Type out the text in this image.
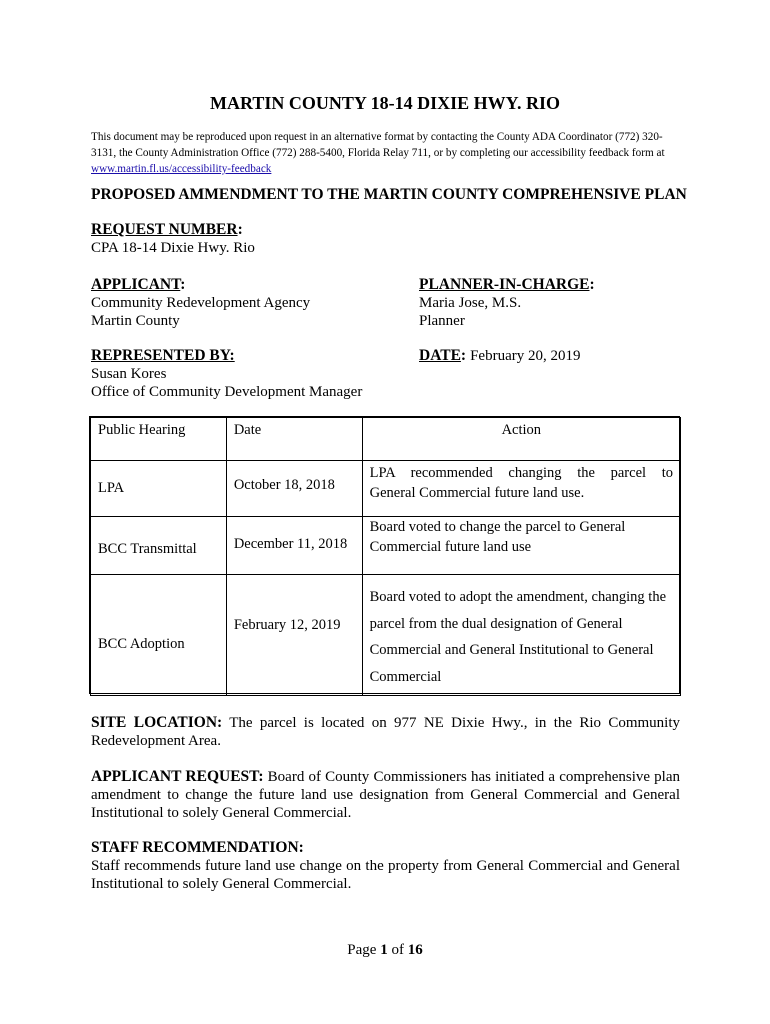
MARTIN COUNTY 18-14 DIXIE HWY. RIO
This document may be reproduced upon request in an alternative format by contacting the County ADA Coordinator (772) 320-3131, the County Administration Office (772) 288-5400, Florida Relay 711, or by completing our accessibility feedback form at www.martin.fl.us/accessibility-feedback
PROPOSED AMMENDMENT TO THE MARTIN COUNTY COMPREHENSIVE PLAN
REQUEST NUMBER:
CPA 18-14 Dixie Hwy. Rio
APPLICANT:
Community Redevelopment Agency
Martin County
PLANNER-IN-CHARGE:
Maria Jose, M.S.
Planner
REPRESENTED BY:
Susan Kores
Office of Community Development Manager
DATE: February 20, 2019
Public Hearing	Date	Action

LPA	October 18, 2018	LPA recommended changing the parcel to
General Commercial future land use.

BCC Transmittal	December 11, 2018	Board voted to change the parcel to General
Commercial future land use

BCC Adoption	February 12, 2019	Board voted to adopt the amendment, changing the
parcel from the dual designation of General
Commercial and General Institutional to General
Commercial
SITE LOCATION: The parcel is located on 977 NE Dixie Hwy., in the Rio Community Redevelopment Area.
APPLICANT REQUEST: Board of County Commissioners has initiated a comprehensive plan amendment to change the future land use designation from General Commercial and General Institutional to solely General Commercial.
STAFF RECOMMENDATION:
Staff recommends future land use change on the property from General Commercial and General Institutional to solely General Commercial.
Page 1 of 16
